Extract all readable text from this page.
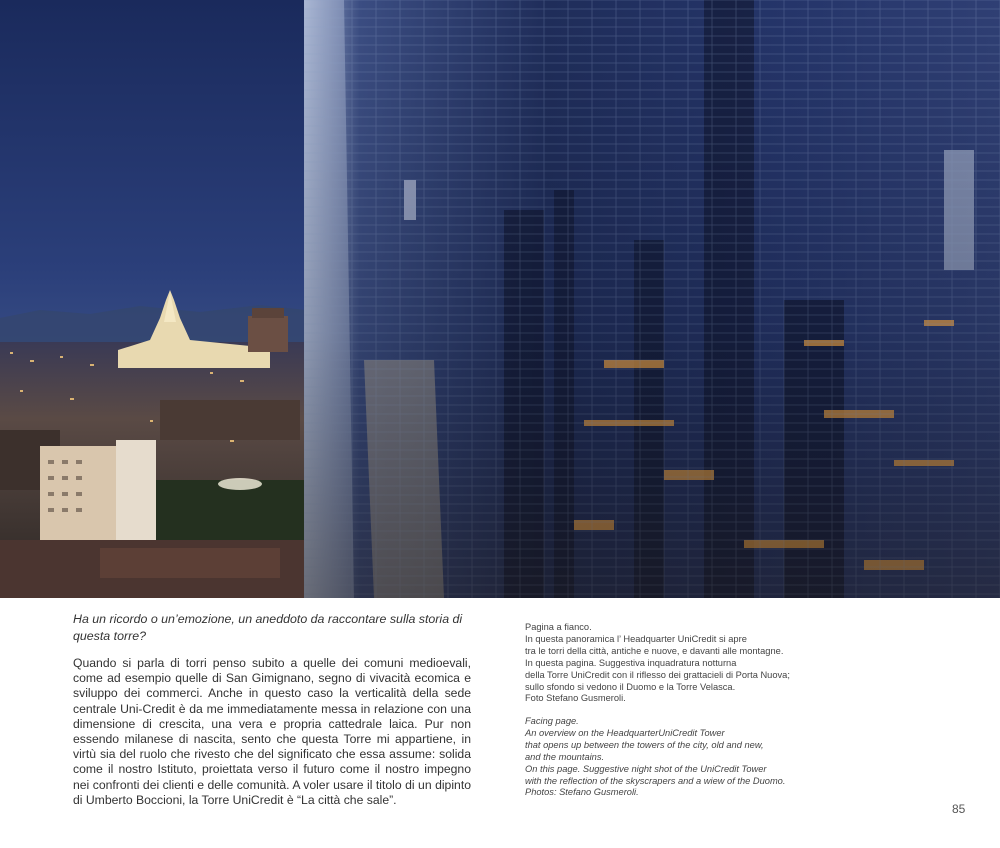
Ha un ricordo o un’emozione, un aneddoto da raccontare sulla storia di questa torre?

Quando si parla di torri penso subito a quelle dei comuni medioevali, come ad esempio quelle di San Gimignano, segno di vivacità ecomica e sviluppo dei commerci. Anche in questo caso la verticalità della sede centrale Uni-Credit è da me immediatamente messa in relazione con una dimensione di crescita, una vera e propria cattedrale laica. Pur non essendo milanese di nascita, sento che questa Torre mi appartiene, in virtù sia del ruolo che rivesto che del significato che essa assume: solida come il nostro Istituto, proiettata verso il futuro come il nostro impegno nei confronti dei clienti e delle comunità. A voler usare il titolo di un dipinto di Umberto Boccioni, la Torre UniCredit è “La città che sale”.

Pagina a fianco.
In questa panoramica l’ Headquarter UniCredit si apre
tra le torri della città, antiche e nuove, e davanti alle montagne.
In questa pagina. Suggestiva inquadratura notturna
della Torre UniCredit con il riflesso dei grattacieli di Porta Nuova;
sullo sfondo si vedono il Duomo e la Torre Velasca.
Foto Stefano Gusmeroli.
Facing page.
An overview on the HeadquarterUniCredit Tower
that opens up between the towers of the city, old and new,
and the mountains.
On this page. Suggestive night shot of the UniCredit Tower
with the reflection of the skyscrapers and a wiew of the Duomo.
Photos: Stefano Gusmeroli.
85
